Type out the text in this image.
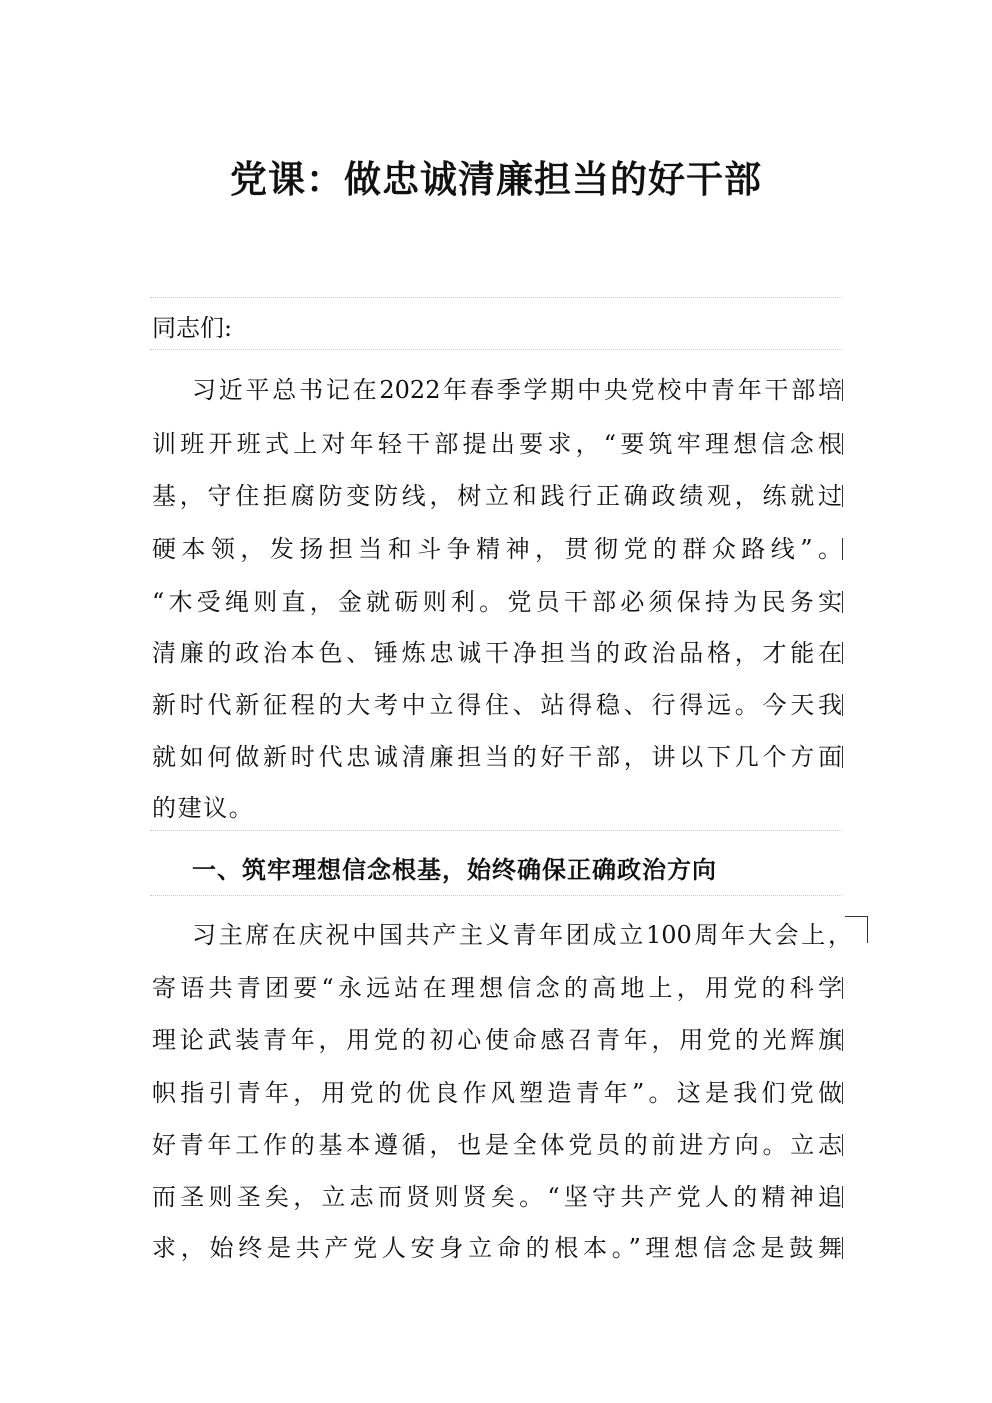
党课：做忠诚清廉担当的好干部
同志们:
习近平总书记在2022年春季学期中央党校中青年干部培
训班开班式上对年轻干部提出要求，“要筑牢理想信念根
基，守住拒腐防变防线，树立和践行正确政绩观，练就过
硬本领，发扬担当和斗争精神，贯彻党的群众路线”。
“木受绳则直，金就砺则利。党员干部必须保持为民务实
清廉的政治本色、锤炼忠诚干净担当的政治品格，才能在
新时代新征程的大考中立得住、站得稳、行得远。今天我
就如何做新时代忠诚清廉担当的好干部，讲以下几个方面
的建议。
一、筑牢理想信念根基，始终确保正确政治方向
习主席在庆祝中国共产主义青年团成立100周年大会上，
寄语共青团要“永远站在理想信念的高地上，用党的科学
理论武装青年，用党的初心使命感召青年，用党的光辉旗
帜指引青年，用党的优良作风塑造青年”。这是我们党做
好青年工作的基本遵循，也是全体党员的前进方向。立志
而圣则圣矣，立志而贤则贤矣。“坚守共产党人的精神追
求，始终是共产党人安身立命的根本。”理想信念是鼓舞
